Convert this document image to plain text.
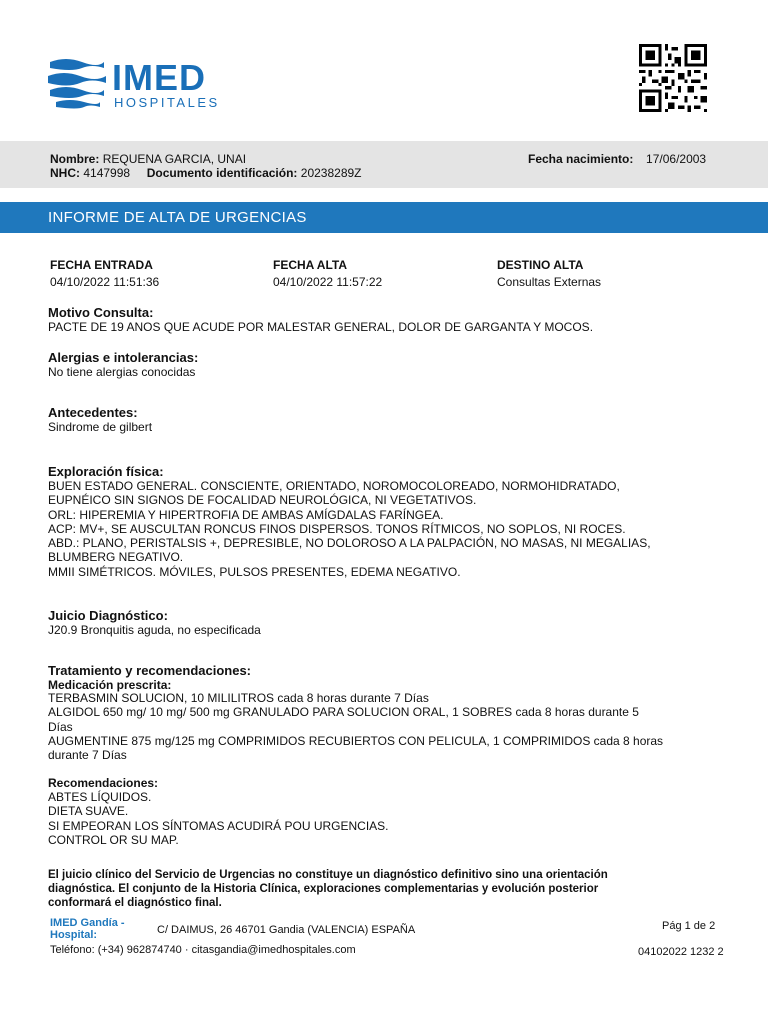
IMED
HOSPITALES
Nombre: REQUENA GARCIA, UNAI
NHC: 4147998 Documento identificación: 20238289Z
Fecha nacimiento: 17/06/2003
INFORME DE ALTA DE URGENCIAS
FECHA ENTRADA
04/10/2022 11:51:36
FECHA ALTA
04/10/2022 11:57:22
DESTINO ALTA
Consultas Externas
Motivo Consulta:
PACTE DE 19 ANOS QUE ACUDE POR MALESTAR GENERAL, DOLOR DE GARGANTA Y MOCOS.
Alergias e intolerancias:
No tiene alergias conocidas
Antecedentes:
Sindrome de gilbert
Exploración física:
BUEN ESTADO GENERAL. CONSCIENTE, ORIENTADO, NOROMOCOLOREADO, NORMOHIDRATADO,
EUPNÉICO SIN SIGNOS DE FOCALIDAD NEUROLÓGICA, NI VEGETATIVOS.
ORL: HIPEREMIA Y HIPERTROFIA DE AMBAS AMÍGDALAS FARÍNGEA.
ACP: MV+, SE AUSCULTAN RONCUS FINOS DISPERSOS. TONOS RÍTMICOS, NO SOPLOS, NI ROCES.
ABD.: PLANO, PERISTALSIS +, DEPRESIBLE, NO DOLOROSO A LA PALPACIÓN, NO MASAS, NI MEGALIAS,
BLUMBERG NEGATIVO.
MMII SIMÉTRICOS. MÓVILES, PULSOS PRESENTES, EDEMA NEGATIVO.
Juicio Diagnóstico:
J20.9 Bronquitis aguda, no especificada
Tratamiento y recomendaciones:
Medicación prescrita:
TERBASMIN SOLUCION, 10 MILILITROS cada 8 horas durante 7 Días
ALGIDOL 650 mg/ 10 mg/ 500 mg GRANULADO PARA SOLUCION ORAL, 1 SOBRES cada 8 horas durante 5
Días
AUGMENTINE 875 mg/125 mg COMPRIMIDOS RECUBIERTOS CON PELICULA, 1 COMPRIMIDOS cada 8 horas
durante 7 Días
Recomendaciones:
ABTES LÍQUIDOS.
DIETA SUAVE.
SI EMPEORAN LOS SÍNTOMAS ACUDIRÁ POU URGENCIAS.
CONTROL OR SU MAP.
El juicio clínico del Servicio de Urgencias no constituye un diagnóstico definitivo sino una orientación
diagnóstica. El conjunto de la Historia Clínica, exploraciones complementarias y evolución posterior
conformará el diagnóstico final.
IMED Gandía -
Hospital:	C/ DAIMUS, 26 46701 Gandia (VALENCIA) ESPAÑA
Teléfono: (+34) 962874740 · citasgandia@imedhospitales.com
Pág 1 de 2
04102022 1232 2
